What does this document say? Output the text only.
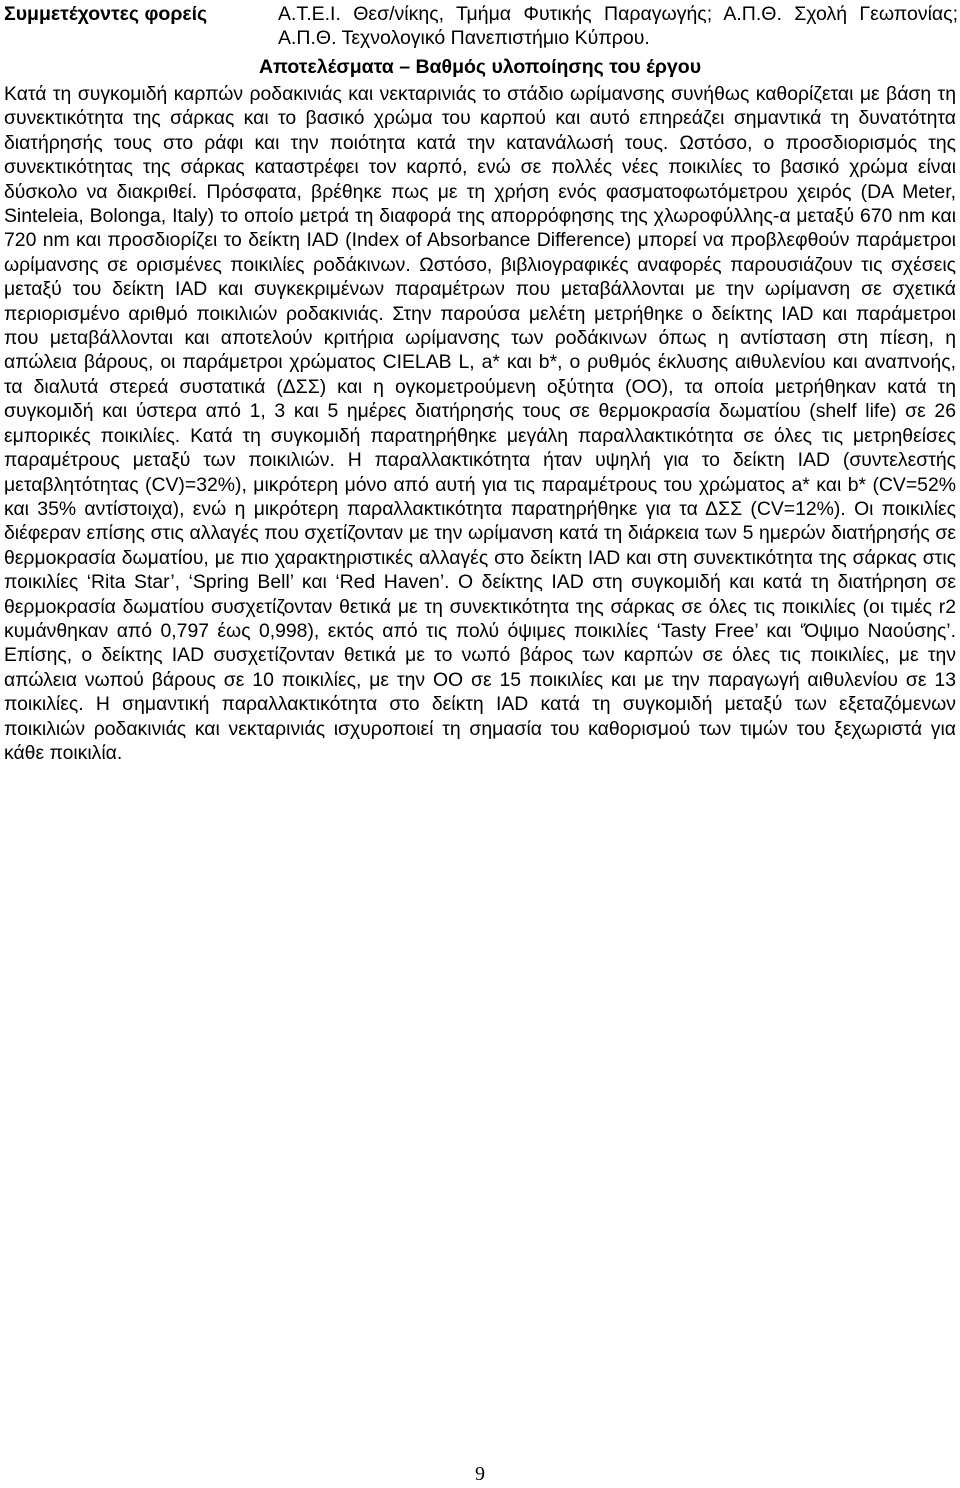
Συμμετέχοντες φορείς	Α.Τ.Ε.Ι. Θεσ/νίκης, Τμήμα Φυτικής Παραγωγής; Α.Π.Θ. Σχολή Γεωπονίας; Α.Π.Θ. Τεχνολογικό Πανεπιστήμιο Κύπρου.
Αποτελέσματα – Βαθμός υλοποίησης του έργου

Κατά τη συγκομιδή καρπών ροδακινιάς και νεκταρινιάς το στάδιο ωρίμανσης συνήθως καθορίζεται με βάση τη συνεκτικότητα της σάρκας και το βασικό χρώμα του καρπού και αυτό επηρεάζει σημαντικά τη δυνατότητα διατήρησής τους στο ράφι και την ποιότητα κατά την κατανάλωσή τους. Ωστόσο, ο προσδιορισμός της συνεκτικότητας της σάρκας καταστρέφει τον καρπό, ενώ σε πολλές νέες ποικιλίες το βασικό χρώμα είναι δύσκολο να διακριθεί. Πρόσφατα, βρέθηκε πως με τη χρήση ενός φασματοφωτόμετρου χειρός (DA Meter, Sinteleia, Bolonga, Italy) το οποίο μετρά τη διαφορά της απορρόφησης της χλωροφύλλης-α μεταξύ 670 nm και 720 nm και προσδιορίζει το δείκτη IAD (Index of Absorbance Difference) μπορεί να προβλεφθούν παράμετροι ωρίμανσης σε ορισμένες ποικιλίες ροδάκινων. Ωστόσο, βιβλιογραφικές αναφορές παρουσιάζουν τις σχέσεις μεταξύ του δείκτη IAD και συγκεκριμένων παραμέτρων που μεταβάλλονται με την ωρίμανση σε σχετικά περιορισμένο αριθμό ποικιλιών ροδακινιάς. Στην παρούσα μελέτη μετρήθηκε ο δείκτης IAD και παράμετροι που μεταβάλλονται και αποτελούν κριτήρια ωρίμανσης των ροδάκινων όπως η αντίσταση στη πίεση, η απώλεια βάρους, οι παράμετροι χρώματος CIELAB L, a* και b*, ο ρυθμός έκλυσης αιθυλενίου και αναπνοής, τα διαλυτά στερεά συστατικά (ΔΣΣ) και η ογκομετρούμενη οξύτητα (ΟΟ), τα οποία μετρήθηκαν κατά τη συγκομιδή και ύστερα από 1, 3 και 5 ημέρες διατήρησής τους σε θερμοκρασία δωματίου (shelf life) σε 26 εμπορικές ποικιλίες. Κατά τη συγκομιδή παρατηρήθηκε μεγάλη παραλλακτικότητα σε όλες τις μετρηθείσες παραμέτρους μεταξύ των ποικιλιών. Η παραλλακτικότητα ήταν υψηλή για το δείκτη IAD (συντελεστής μεταβλητότητας (CV)=32%), μικρότερη μόνο από αυτή για τις παραμέτρους του χρώματος a* και b* (CV=52% και 35% αντίστοιχα), ενώ η μικρότερη παραλλακτικότητα παρατηρήθηκε για τα ΔΣΣ (CV=12%). Οι ποικιλίες διέφεραν επίσης στις αλλαγές που σχετίζονταν με την ωρίμανση κατά τη διάρκεια των 5 ημερών διατήρησής σε θερμοκρασία δωματίου, με πιο χαρακτηριστικές αλλαγές στο δείκτη IAD και στη συνεκτικότητα της σάρκας στις ποικιλίες ‘Rita Star’, ‘Spring Bell’ και ‘Red Haven’. Ο δείκτης IAD στη συγκομιδή και κατά τη διατήρηση σε θερμοκρασία δωματίου συσχετίζονταν θετικά με τη συνεκτικότητα της σάρκας σε όλες τις ποικιλίες (οι τιμές r2 κυμάνθηκαν από 0,797 έως 0,998), εκτός από τις πολύ όψιμες ποικιλίες ‘Tasty Free’ και ‘Όψιμο Ναούσης’. Επίσης, ο δείκτης IAD συσχετίζονταν θετικά με το νωπό βάρος των καρπών σε όλες τις ποικιλίες, με την απώλεια νωπού βάρους σε 10 ποικιλίες, με την ΟΟ σε 15 ποικιλίες και με την παραγωγή αιθυλενίου σε 13 ποικιλίες. Η σημαντική παραλλακτικότητα στο δείκτη IAD κατά τη συγκομιδή μεταξύ των εξεταζόμενων ποικιλιών ροδακινιάς και νεκταρινιάς ισχυροποιεί τη σημασία του καθορισμού των τιμών του ξεχωριστά για κάθε ποικιλία.

9
